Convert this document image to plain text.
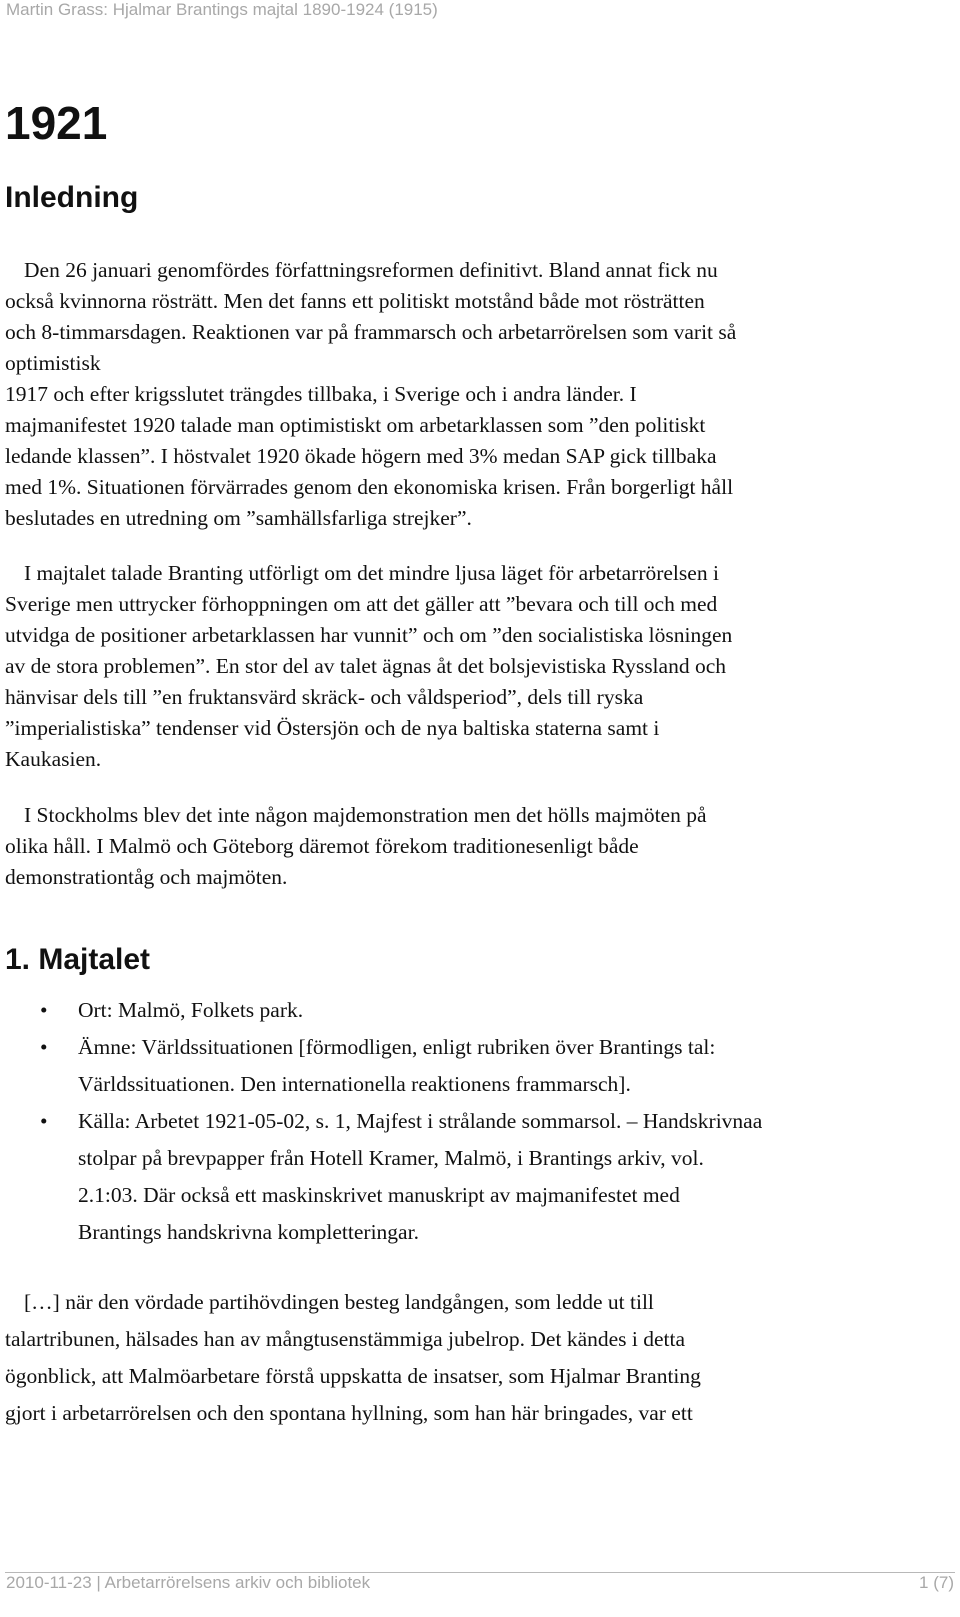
Martin Grass: Hjalmar Brantings majtal 1890-1924 (1915)
1921
Inledning
Den 26 januari genomfördes författningsreformen definitivt. Bland annat fick nu
också kvinnorna rösträtt. Men det fanns ett politiskt motstånd både mot rösträtten
och 8-timmarsdagen. Reaktionen var på frammarsch och arbetarrörelsen som varit så
optimistisk
1917 och efter krigsslutet trängdes tillbaka, i Sverige och i andra länder. I
majmanifestet 1920 talade man optimistiskt om arbetarklassen som ”den politiskt
ledande klassen”. I höstvalet 1920 ökade högern med 3% medan SAP gick tillbaka
med 1%. Situationen förvärrades genom den ekonomiska krisen. Från borgerligt håll
beslutades en utredning om ”samhällsfarliga strejker”.
I majtalet talade Branting utförligt om det mindre ljusa läget för arbetarrörelsen i
Sverige men uttrycker förhoppningen om att det gäller att ”bevara och till och med
utvidga de positioner arbetarklassen har vunnit” och om ”den socialistiska lösningen
av de stora problemen”. En stor del av talet ägnas åt det bolsjevistiska Ryssland och
hänvisar dels till ”en fruktansvärd skräck- och våldsperiod”, dels till ryska
”imperialistiska” tendenser vid Östersjön och de nya baltiska staterna samt i
Kaukasien.
I Stockholms blev det inte någon majdemonstration men det hölls majmöten på
olika håll. I Malmö och Göteborg däremot förekom traditionesenligt både
demonstrationtåg och majmöten.
1. Majtalet
• Ort: Malmö, Folkets park.
• Ämne: Världssituationen [förmodligen, enligt rubriken över Brantings tal:
Världssituationen. Den internationella reaktionens frammarsch].
• Källa: Arbetet 1921-05-02, s. 1, Majfest i strålande sommarsol. – Handskrivnaa
stolpar på brevpapper från Hotell Kramer, Malmö, i Brantings arkiv, vol.
2.1:03. Där också ett maskinskrivet manuskript av majmanifestet med
Brantings handskrivna kompletteringar.
[…] när den vördade partihövdingen besteg landgången, som ledde ut till
talartribunen, hälsades han av mångtusenstämmiga jubelrop. Det kändes i detta
ögonblick, att Malmöarbetare förstå uppskatta de insatser, som Hjalmar Branting
gjort i arbetarrörelsen och den spontana hyllning, som han här bringades, var ett
2010-11-23 | Arbetarrörelsens arkiv och bibliotek	1 (7)
